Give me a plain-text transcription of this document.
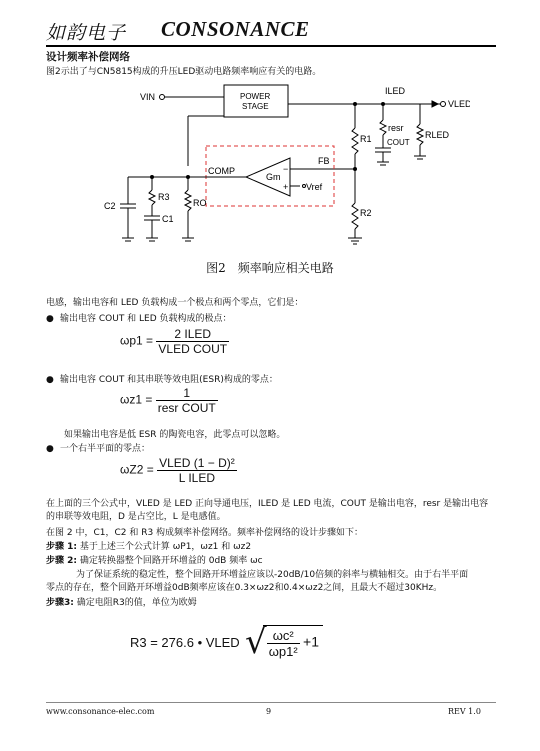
如韵电子 CONSONANCE
设计频率补偿网络
图2示出了与CN5815构成的升压LED驱动电路频率响应有关的电路。
VIN	POWER
STAGE
ILED
VLED
R1
R2
resr
COUT
RLED
COMP
FB
Gm
Vref
−
+
C2
R3
C1
RO
图2　频率响应相关电路
电感，输出电容和 LED 负载构成一个极点和两个零点，它们是：
● 输出电容 COUT 和 LED 负载构成的极点：
$\omega p1 = \frac{\text{2 ILED}}{\text{VLED COUT}}$
● 输出电容 COUT 和其串联等效电阻(ESR)构成的零点：
$\omega z1 = \frac{1}{\text{resr COUT}}$
如果输出电容是低 ESR 的陶瓷电容，此零点可以忽略。
● 一个右半平面的零点：
$\omega Z2 = \frac{\text{VLED (1 − D)²}}{\text{L ILED}}$
在上面的三个公式中，VLED 是 LED 正向导通电压，ILED 是 LED 电流，COUT 是输出电容，resr 是输出电容
的串联等效电阻，D 是占空比，L 是电感值。
在图 2 中，C1，C2 和 R3 构成频率补偿网络。频率补偿网络的设计步骤如下：
步骤 1: 基于上述三个公式计算 ωP1，ωz1 和 ωz2
步骤 2: 确定转换器整个回路开环增益的 0dB 频率 ωc
为了保证系统的稳定性，整个回路开环增益应该以-20dB/10倍频的斜率与横轴相交。由于右半平面
零点的存在，整个回路开环增益0dB频率应该在0.3×ωz2和0.4×ωz2之间，且最大不超过30KHz。
步骤3: 确定电阻R3的值，单位为欧姆
R3 = 276.6 • VLED √ $\frac{\text{ωc²}}{\text{ωp1²}} +1$
www.consonance-elec.com	9	REV 1.0
